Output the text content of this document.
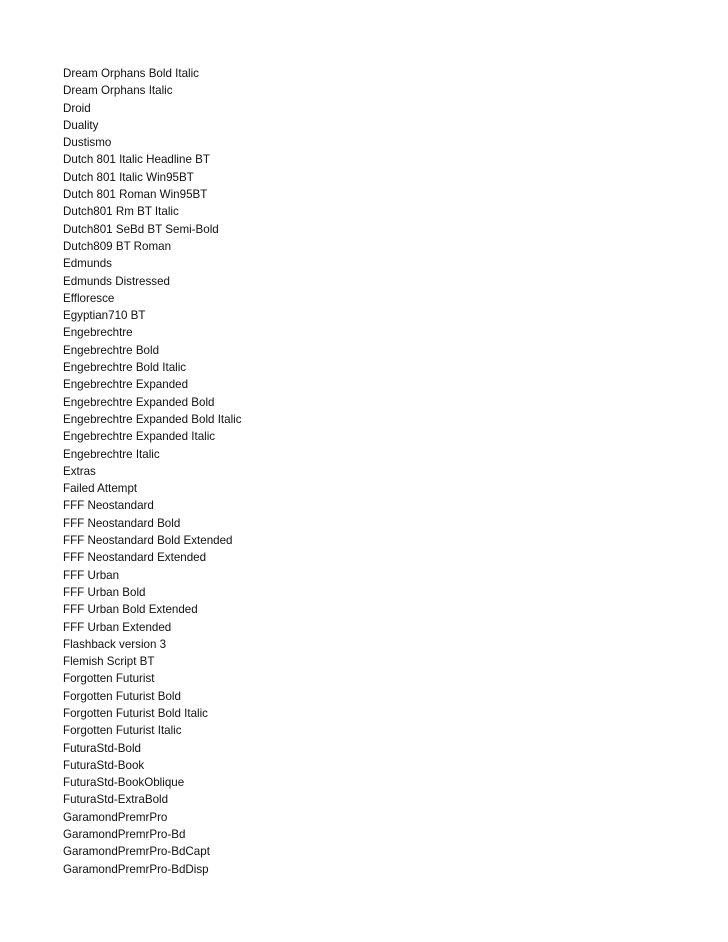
Dream Orphans Bold Italic
Dream Orphans Italic
Droid
Duality
Dustismo
Dutch 801 Italic Headline BT
Dutch 801 Italic Win95BT
Dutch 801 Roman Win95BT
Dutch801 Rm BT Italic
Dutch801 SeBd BT Semi-Bold
Dutch809 BT Roman
Edmunds
Edmunds Distressed
Effloresce
Egyptian710 BT
Engebrechtre
Engebrechtre Bold
Engebrechtre Bold Italic
Engebrechtre Expanded
Engebrechtre Expanded Bold
Engebrechtre Expanded Bold Italic
Engebrechtre Expanded Italic
Engebrechtre Italic
Extras
Failed Attempt
FFF Neostandard
FFF Neostandard Bold
FFF Neostandard Bold Extended
FFF Neostandard Extended
FFF Urban
FFF Urban Bold
FFF Urban Bold Extended
FFF Urban Extended
Flashback version 3
Flemish Script BT
Forgotten Futurist
Forgotten Futurist Bold
Forgotten Futurist Bold Italic
Forgotten Futurist Italic
FuturaStd-Bold
FuturaStd-Book
FuturaStd-BookOblique
FuturaStd-ExtraBold
GaramondPremrPro
GaramondPremrPro-Bd
GaramondPremrPro-BdCapt
GaramondPremrPro-BdDisp
